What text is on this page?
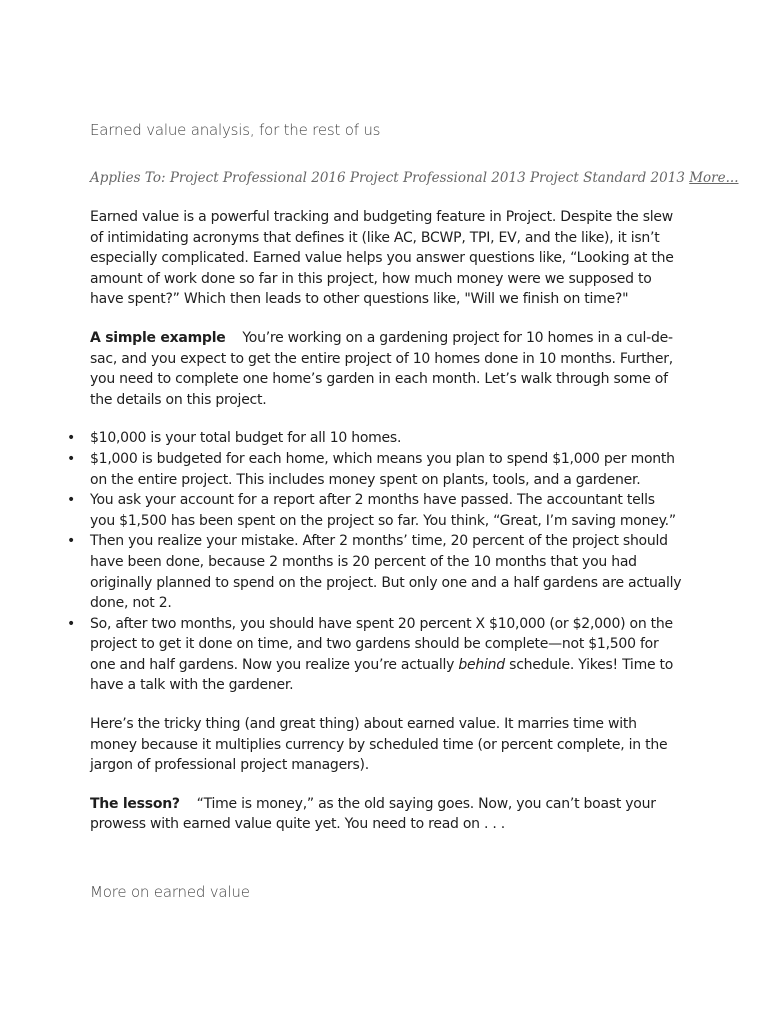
Earned value analysis, for the rest of us
Applies To: Project Professional 2016 Project Professional 2013 Project Standard 2013 More...

Earned value is a powerful tracking and budgeting feature in Project. Despite the slew of intimidating acronyms that defines it (like AC, BCWP, TPI, EV, and the like), it isn’t especially complicated. Earned value helps you answer questions like, “Looking at the amount of work done so far in this project, how much money were we supposed to have spent?” Which then leads to other questions like, "Will we finish on time?"

A simple example You’re working on a gardening project for 10 homes in a cul-de-sac, and you expect to get the entire project of 10 homes done in 10 months. Further, you need to complete one home’s garden in each month. Let’s walk through some of the details on this project.

• $10,000 is your total budget for all 10 homes.
• $1,000 is budgeted for each home, which means you plan to spend $1,000 per month on the entire project. This includes money spent on plants, tools, and a gardener.
• You ask your account for a report after 2 months have passed. The accountant tells you $1,500 has been spent on the project so far. You think, “Great, I’m saving money.”
• Then you realize your mistake. After 2 months’ time, 20 percent of the project should have been done, because 2 months is 20 percent of the 10 months that you had originally planned to spend on the project. But only one and a half gardens are actually done, not 2.
• So, after two months, you should have spent 20 percent X $10,000 (or $2,000) on the project to get it done on time, and two gardens should be complete—not $1,500 for one and half gardens. Now you realize you’re actually behind schedule. Yikes! Time to have a talk with the gardener.

Here’s the tricky thing (and great thing) about earned value. It marries time with money because it multiplies currency by scheduled time (or percent complete, in the jargon of professional project managers).

The lesson? “Time is money,” as the old saying goes. Now, you can’t boast your prowess with earned value quite yet. You need to read on . . .

More on earned value
